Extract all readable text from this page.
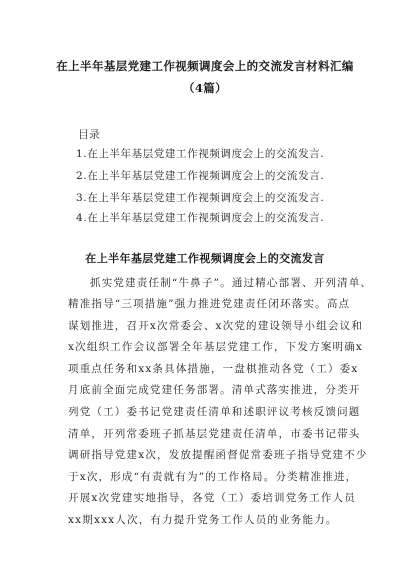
在上半年基层党建工作视频调度会上的交流发言材料汇编
（4篇）
目录
1.在上半年基层党建工作视频调度会上的交流发言.
2.在上半年基层党建工作视频调度会上的交流发言.
3.在上半年基层党建工作视频调度会上的交流发言.
4.在上半年基层党建工作视频调度会上的交流发言.
在上半年基层党建工作视频调度会上的交流发言
抓实党建责任制“牛鼻子”。通过精心部署、开列清单、
精准指导“三项措施”强力推进党建责任闭环落实。高点
谋划推进，召开x次常委会、x次党的建设领导小组会议和
x次组织工作会议部署全年基层党建工作，下发方案明确x
项重点任务和xx条具体措施，一盘棋推动各党（工）委x
月底前全面完成党建任务部署。清单式落实推进，分类开
列党（工）委书记党建责任清单和述职评议考核反馈问题
清单，开列常委班子抓基层党建责任清单，市委书记带头
调研指导党建x次，发放提醒函督促常委班子指导党建不少
于x次，形成“有责就有为”的工作格局。分类精准推进，
开展x次党建实地指导，各党（工）委培训党务工作人员
xx期xxx人次，有力提升党务工作人员的业务能力。
